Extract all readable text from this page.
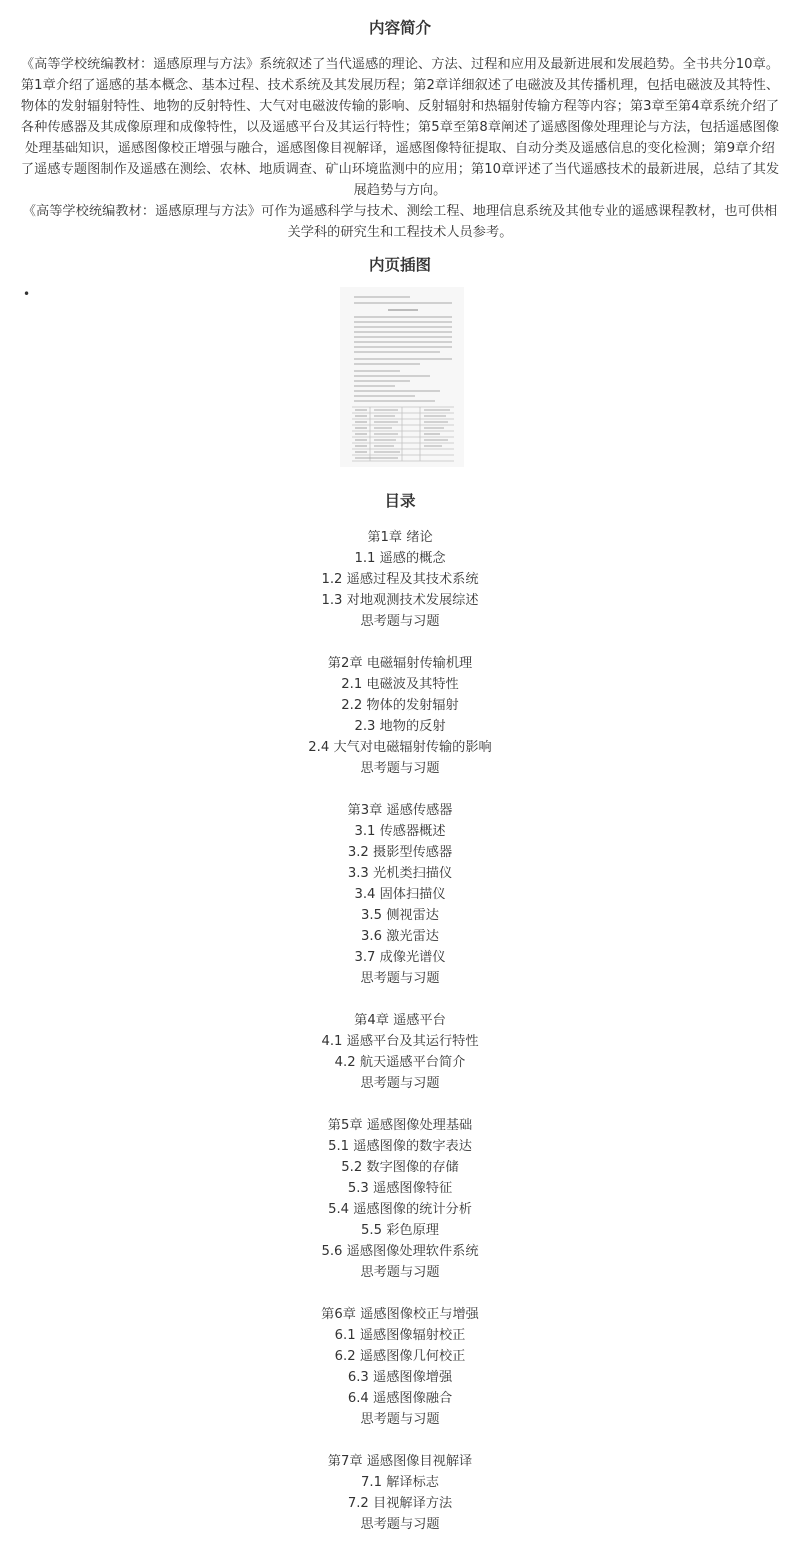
内容简介

《高等学校统编教材：遥感原理与方法》系统叙述了当代遥感的理论、方法、过程和应用及最新进展和发展趋势。全书共分10章。

第1章介绍了遥感的基本概念、基本过程、技术系统及其发展历程；第2章详细叙述了电磁波及其传播机理，包括电磁波及其特性、

物体的发射辐射特性、地物的反射特性、大气对电磁波传输的影响、反射辐射和热辐射传输方程等内容；第3章至第4章系统介绍了

各种传感器及其成像原理和成像特性，以及遥感平台及其运行特性；第5章至第8章阐述了遥感图像处理理论与方法，包括遥感图像

处理基础知识，遥感图像校正增强与融合，遥感图像目视解译，遥感图像特征提取、自动分类及遥感信息的变化检测；第9章介绍

了遥感专题图制作及遥感在测绘、农林、地质调查、矿山环境监测中的应用；第10章评述了当代遥感技术的最新进展，总结了其发

展趋势与方向。

《高等学校统编教材：遥感原理与方法》可作为遥感科学与技术、测绘工程、地理信息系统及其他专业的遥感课程教材，也可供相

关学科的研究生和工程技术人员参考。

内页插图
•
目录
第1章 绪论
1.1 遥感的概念
1.2 遥感过程及其技术系统
1.3 对地观测技术发展综述
思考题与习题
第2章 电磁辐射传输机理
2.1 电磁波及其特性
2.2 物体的发射辐射
2.3 地物的反射
2.4 大气对电磁辐射传输的影响
思考题与习题
第3章 遥感传感器
3.1 传感器概述
3.2 摄影型传感器
3.3 光机类扫描仪
3.4 固体扫描仪
3.5 侧视雷达
3.6 激光雷达
3.7 成像光谱仪
思考题与习题
第4章 遥感平台
4.1 遥感平台及其运行特性
4.2 航天遥感平台简介
思考题与习题
第5章 遥感图像处理基础
5.1 遥感图像的数字表达
5.2 数字图像的存储
5.3 遥感图像特征
5.4 遥感图像的统计分析
5.5 彩色原理
5.6 遥感图像处理软件系统
思考题与习题
第6章 遥感图像校正与增强
6.1 遥感图像辐射校正
6.2 遥感图像几何校正
6.3 遥感图像增强
6.4 遥感图像融合
思考题与习题
第7章 遥感图像目视解译
7.1 解译标志
7.2 目视解译方法
思考题与习题
